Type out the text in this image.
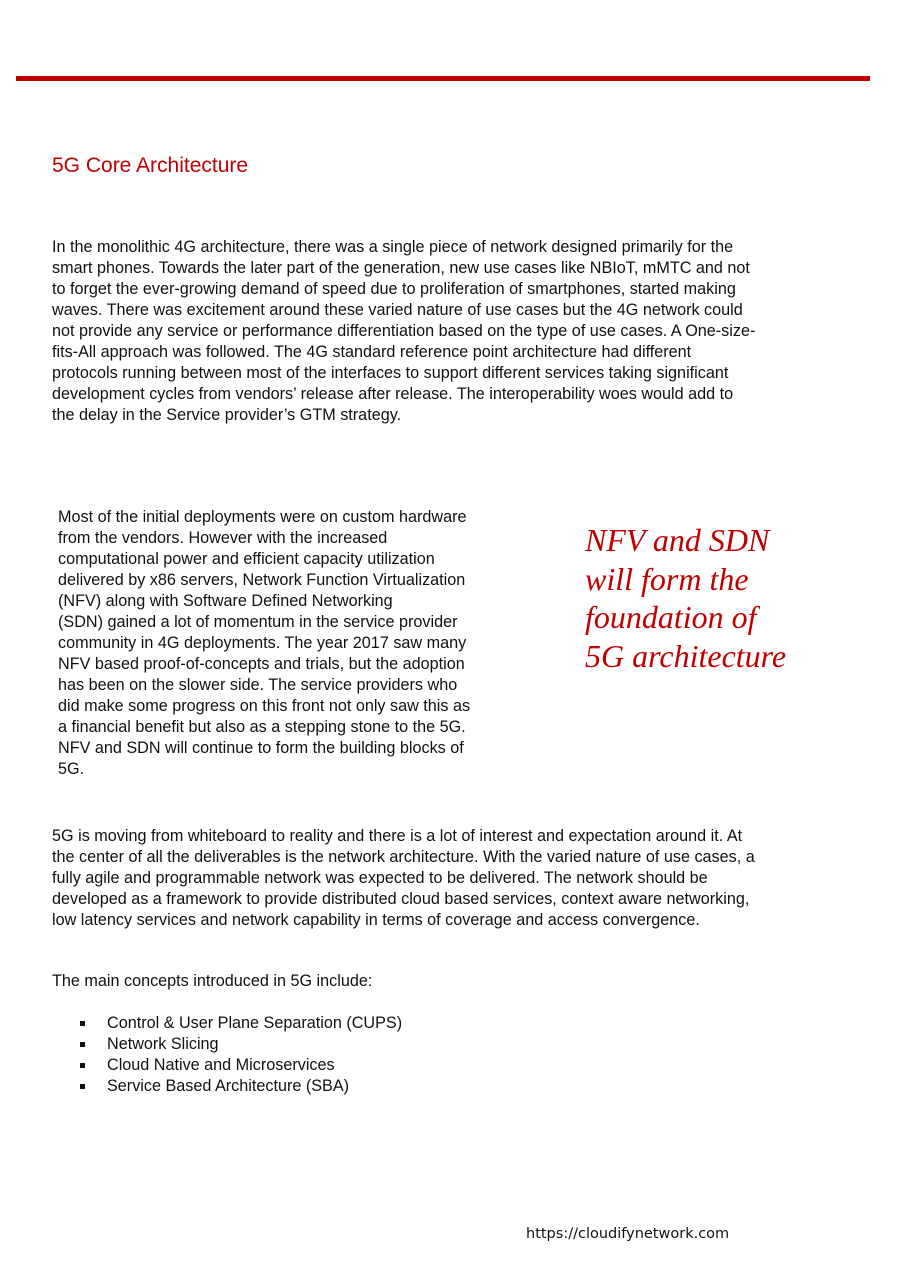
5G Core Architecture

In the monolithic 4G architecture, there was a single piece of network designed primarily for the
smart phones. Towards the later part of the generation, new use cases like NBIoT, mMTC and not
to forget the ever-growing demand of speed due to proliferation of smartphones, started making
waves. There was excitement around these varied nature of use cases but the 4G network could
not provide any service or performance differentiation based on the type of use cases. A One-size-
fits-All approach was followed. The 4G standard reference point architecture had different
protocols running between most of the interfaces to support different services taking significant
development cycles from vendors’ release after release. The interoperability woes would add to
the delay in the Service provider’s GTM strategy.

Most of the initial deployments were on custom hardware
from the vendors. However with the increased
computational power and efficient capacity utilization
delivered by x86 servers, Network Function Virtualization
(NFV) along with Software Defined Networking
(SDN) gained a lot of momentum in the service provider
community in 4G deployments. The year 2017 saw many
NFV based proof-of-concepts and trials, but the adoption
has been on the slower side. The service providers who
did make some progress on this front not only saw this as
a financial benefit but also as a stepping stone to the 5G.
NFV and SDN will continue to form the building blocks of
5G.

NFV and SDN
will form the
foundation of
5G architecture

5G is moving from whiteboard to reality and there is a lot of interest and expectation around it. At
the center of all the deliverables is the network architecture. With the varied nature of use cases, a
fully agile and programmable network was expected to be delivered. The network should be
developed as a framework to provide distributed cloud based services, context aware networking,
low latency services and network capability in terms of coverage and access convergence.

The main concepts introduced in 5G include:

Control & User Plane Separation (CUPS)
Network Slicing
Cloud Native and Microservices
Service Based Architecture (SBA)

https://cloudifynetwork.com
